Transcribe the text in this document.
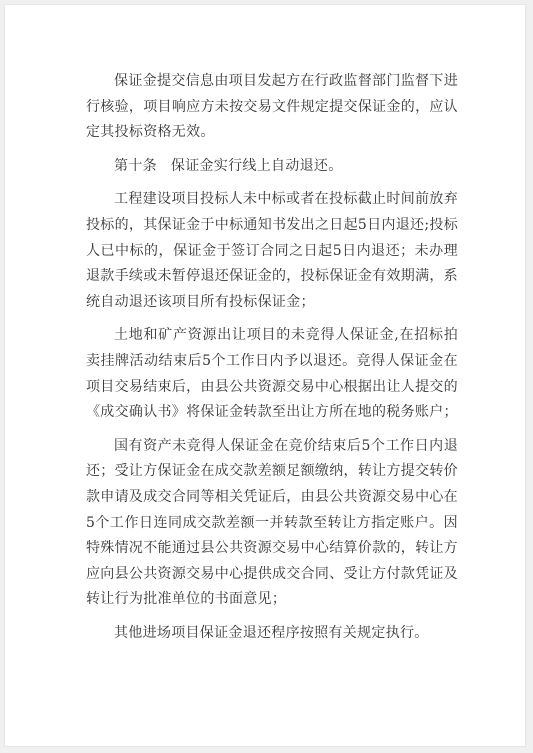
保证金提交信息由项目发起方在行政监督部门监督下进行核验，项目响应方未按交易文件规定提交保证金的，应认定其投标资格无效。

第十条 保证金实行线上自动退还。

工程建设项目投标人未中标或者在投标截止时间前放弃投标的，其保证金于中标通知书发出之日起5日内退还;投标人已中标的，保证金于签订合同之日起5日内退还；未办理退款手续或未暂停退还保证金的，投标保证金有效期满，系统自动退还该项目所有投标保证金；

土地和矿产资源出让项目的未竞得人保证金,在招标拍卖挂牌活动结束后5个工作日内予以退还。竞得人保证金在项目交易结束后，由县公共资源交易中心根据出让人提交的《成交确认书》将保证金转款至出让方所在地的税务账户；

国有资产未竞得人保证金在竞价结束后5个工作日内退还；受让方保证金在成交款差额足额缴纳，转让方提交转价款申请及成交合同等相关凭证后，由县公共资源交易中心在5个工作日连同成交款差额一并转款至转让方指定账户。因特殊情况不能通过县公共资源交易中心结算价款的，转让方应向县公共资源交易中心提供成交合同、受让方付款凭证及转让行为批准单位的书面意见；

其他进场项目保证金退还程序按照有关规定执行。
